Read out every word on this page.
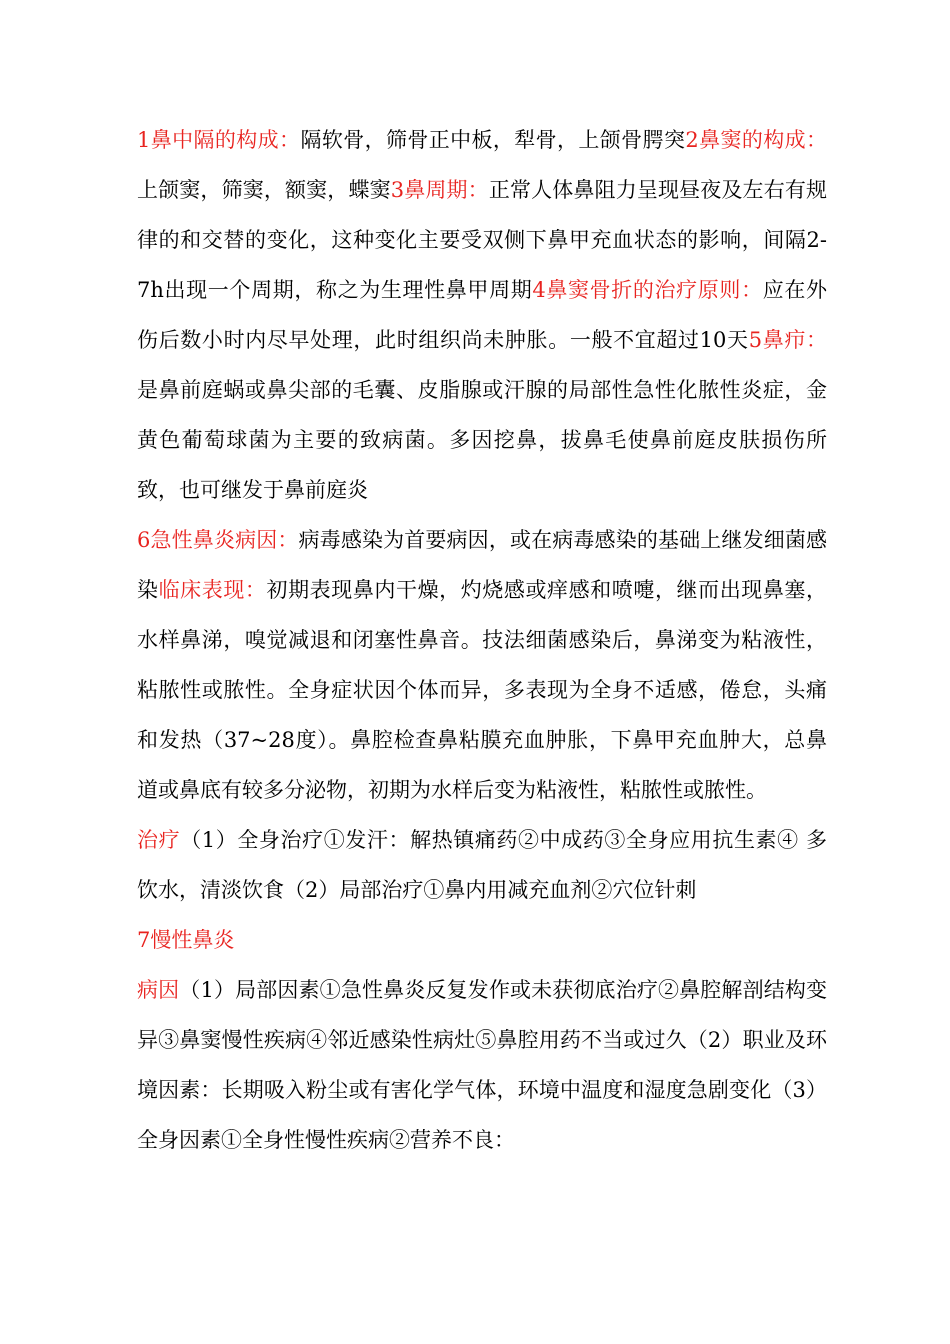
1鼻中隔的构成：隔软骨，筛骨正中板，犁骨，上颌骨腭突2鼻窦的构成：上颌窦，筛窦，额窦，蝶窦3鼻周期：正常人体鼻阻力呈现昼夜及左右有规律的和交替的变化，这种变化主要受双侧下鼻甲充血状态的影响，间隔2-7h出现一个周期，称之为生理性鼻甲周期4鼻窦骨折的治疗原则：应在外伤后数小时内尽早处理，此时组织尚未肿胀。一般不宜超过10天5鼻疖：是鼻前庭蜗或鼻尖部的毛囊、皮脂腺或汗腺的局部性急性化脓性炎症，金黄色葡萄球菌为主要的致病菌。多因挖鼻，拔鼻毛使鼻前庭皮肤损伤所致，也可继发于鼻前庭炎

6急性鼻炎病因：病毒感染为首要病因，或在病毒感染的基础上继发细菌感染临床表现：初期表现鼻内干燥，灼烧感或痒感和喷嚏，继而出现鼻塞，水样鼻涕，嗅觉减退和闭塞性鼻音。技法细菌感染后，鼻涕变为粘液性，粘脓性或脓性。全身症状因个体而异，多表现为全身不适感，倦怠，头痛和发热（37~28度）。鼻腔检查鼻粘膜充血肿胀，下鼻甲充血肿大，总鼻道或鼻底有较多分泌物，初期为水样后变为粘液性，粘脓性或脓性。

治疗（1）全身治疗①发汗：解热镇痛药②中成药③全身应用抗生素④ 多饮水，清淡饮食（2）局部治疗①鼻内用减充血剂②穴位针刺

7慢性鼻炎

病因（1）局部因素①急性鼻炎反复发作或未获彻底治疗②鼻腔解剖结构变异③鼻窦慢性疾病④邻近感染性病灶⑤鼻腔用药不当或过久（2）职业及环境因素：长期吸入粉尘或有害化学气体，环境中温度和湿度急剧变化（3）全身因素①全身性慢性疾病②营养不良：
